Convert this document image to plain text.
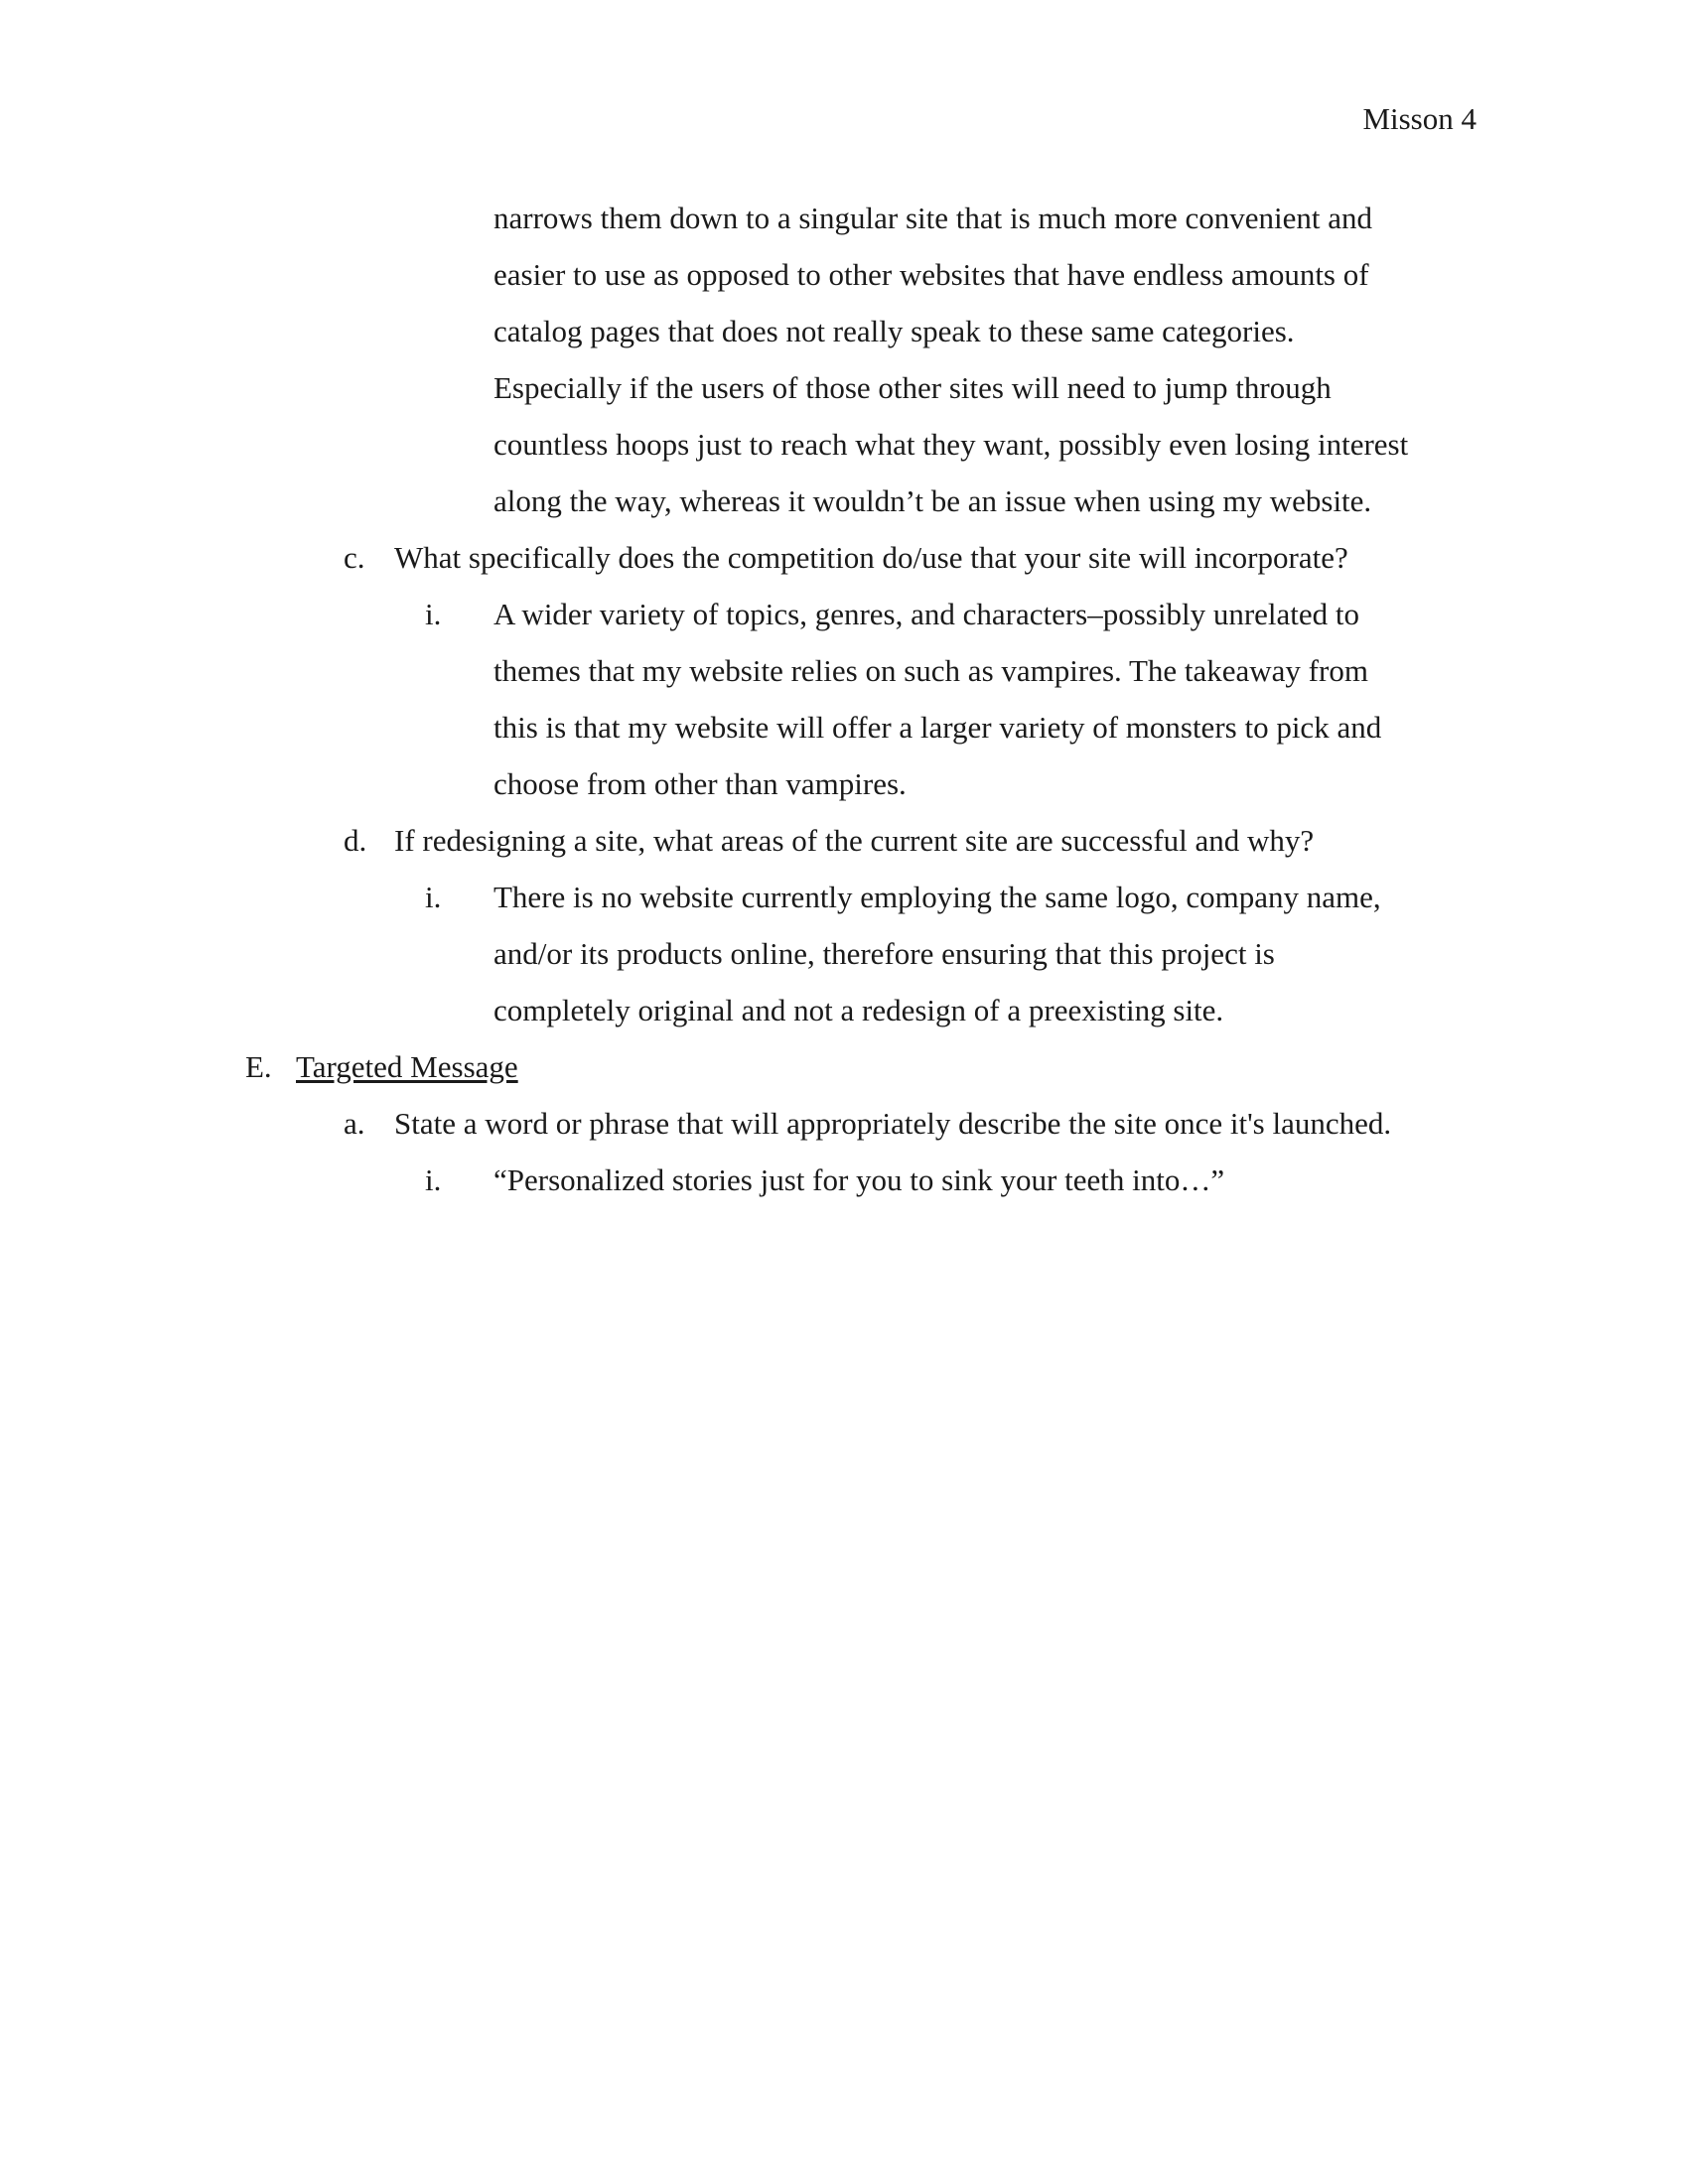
Misson 4
narrows them down to a singular site that is much more convenient and
easier to use as opposed to other websites that have endless amounts of
catalog pages that does not really speak to these same categories.
Especially if the users of those other sites will need to jump through
countless hoops just to reach what they want, possibly even losing interest
along the way, whereas it wouldn’t be an issue when using my website.
c. What specifically does the competition do/use that your site will incorporate?
i. A wider variety of topics, genres, and characters–possibly unrelated to
themes that my website relies on such as vampires. The takeaway from
this is that my website will offer a larger variety of monsters to pick and
choose from other than vampires.
d. If redesigning a site, what areas of the current site are successful and why?
i. There is no website currently employing the same logo, company name,
and/or its products online, therefore ensuring that this project is
completely original and not a redesign of a preexisting site.
E. Targeted Message
a. State a word or phrase that will appropriately describe the site once it's launched.
i. “Personalized stories just for you to sink your teeth into…”
